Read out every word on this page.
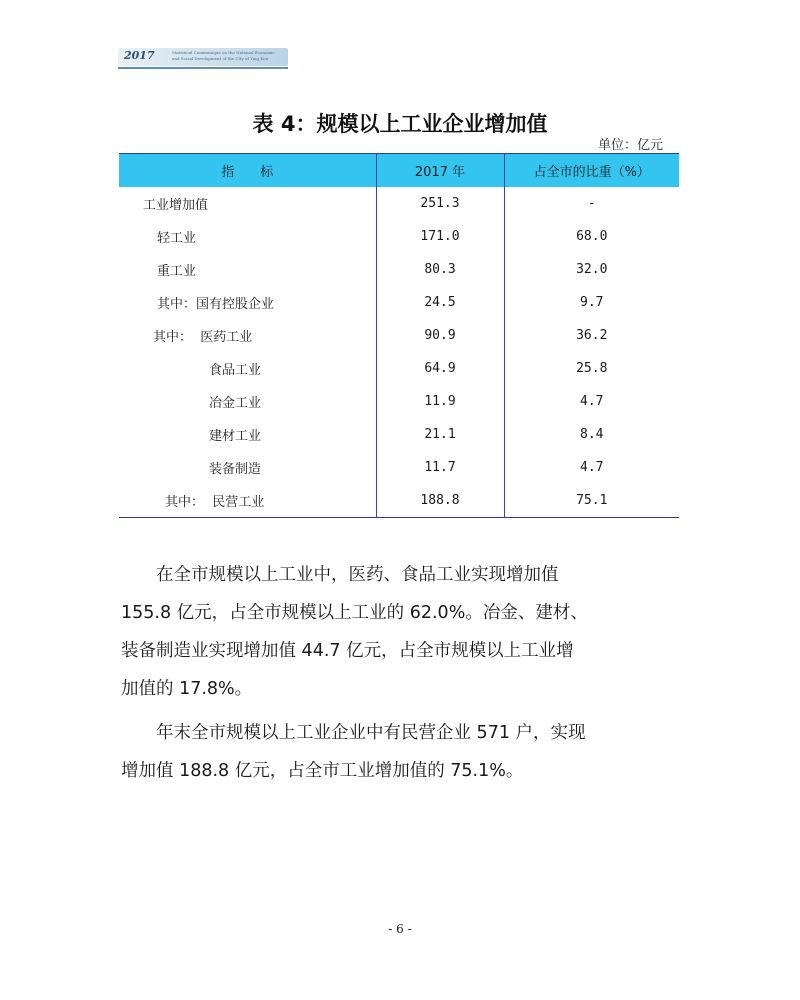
2017	Statistical Communique on the National Economic
and Social Development of the City of Ying Kou
表 4：规模以上工业企业增加值
单位：亿元
指　　标	2017 年	占全市的比重（%）
工业增加值	251.3	-
轻工业	171.0	68.0
重工业	80.3	32.0
其中：国有控股企业	24.5	9.7
其中：  医药工业	90.9	36.2
食品工业	64.9	25.8
冶金工业	11.9	4.7
建材工业	21.1	8.4
装备制造	11.7	4.7
其中：  民营工业	188.8	75.1

　　在全市规模以上工业中，医药、食品工业实现增加值

155.8 亿元，占全市规模以上工业的 62.0%。冶金、建材、

装备制造业实现增加值 44.7 亿元，占全市规模以上工业增

加值的 17.8%。

　　年末全市规模以上工业企业中有民营企业 571 户，实现

增加值 188.8 亿元，占全市工业增加值的 75.1%。

- 6 -
